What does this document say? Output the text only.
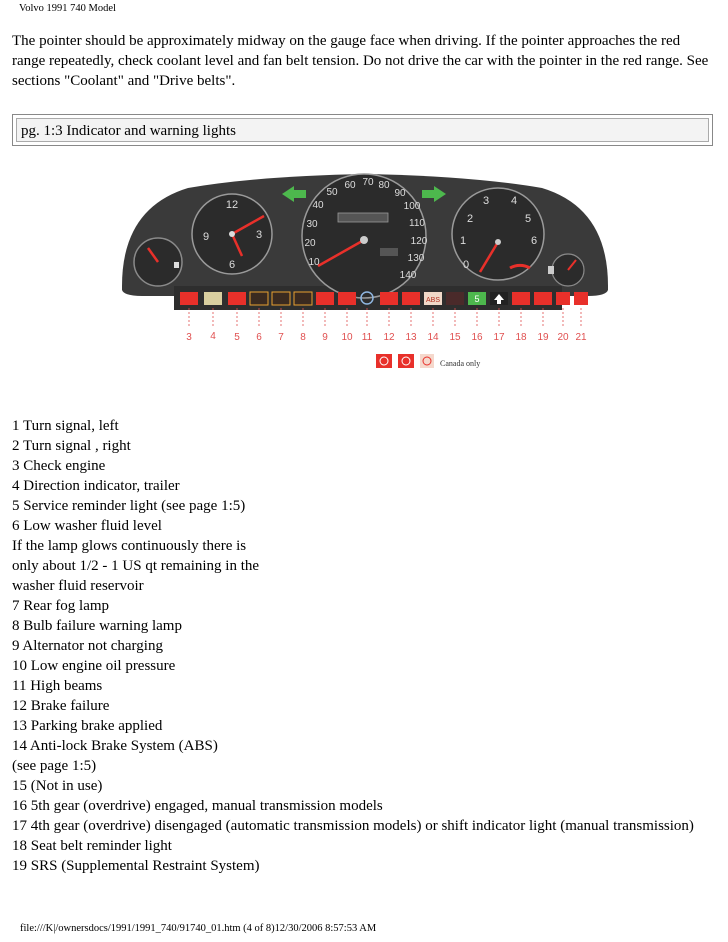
Volvo 1991 740 Model
The pointer should be approximately midway on the gauge face when driving. If the pointer approaches the red range repeatedly, check coolant level and fan belt tension. Do not drive the car with the pointer in the red range. See sections "Coolant" and "Drive belts".
pg. 1:3 Indicator and warning lights
12
3
6
9
60 70 80
50	90
40	100
30	110
20	120
130
10
140
3 4
2	5
1	6
0
ABS	5
3 4 5 6 7 8 9 10 11 12 13 14 15 16 17 18 19 20 21
Canada only
1 Turn signal, left
2 Turn signal , right
3 Check engine
4 Direction indicator, trailer
5 Service reminder light (see page 1:5)
6 Low washer fluid level
If the lamp glows continuously there is
only about 1/2 - 1 US qt remaining in the
washer fluid reservoir
7 Rear fog lamp
8 Bulb failure warning lamp
9 Alternator not charging
10 Low engine oil pressure
11 High beams
12 Brake failure
13 Parking brake applied
14 Anti-lock Brake System (ABS)
(see page 1:5)
15 (Not in use)
16 5th gear (overdrive) engaged, manual transmission models
17 4th gear (overdrive) disengaged (automatic transmission models) or shift indicator light (manual transmission)
18 Seat belt reminder light
19 SRS (Supplemental Restraint System)
file:///K|/ownersdocs/1991/1991_740/91740_01.htm (4 of 8)12/30/2006 8:57:53 AM
